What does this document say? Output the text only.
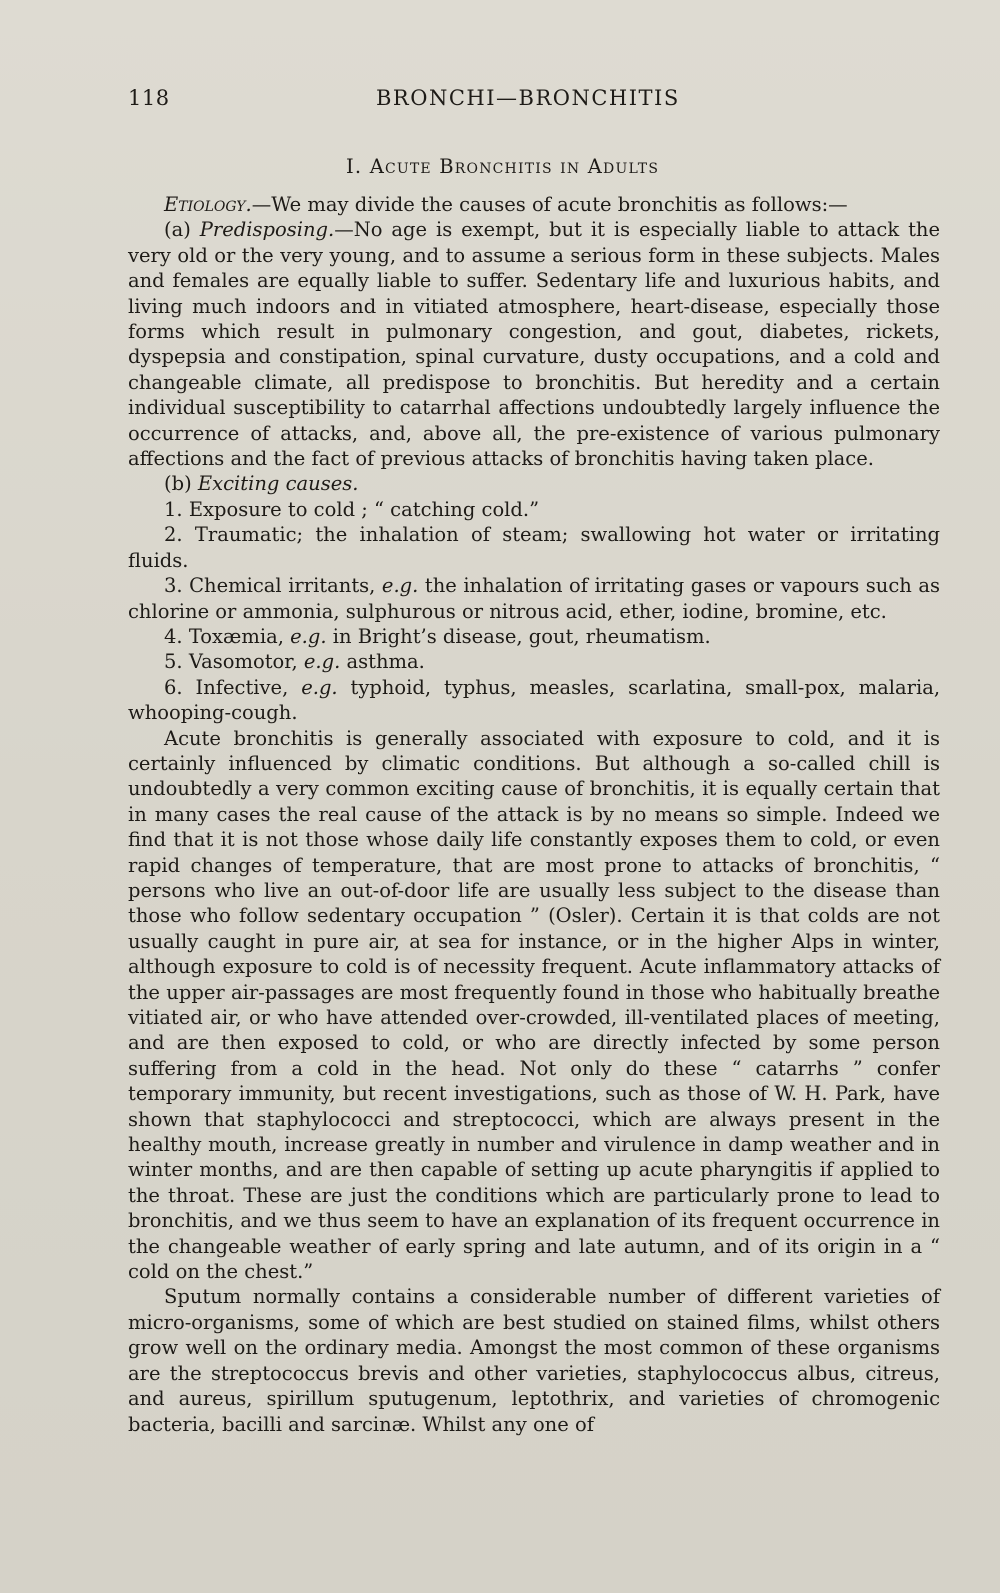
118	BRONCHI—BRONCHITIS
I. Acute Bronchitis in Adults

Etiology.—We may divide the causes of acute bronchitis as follows:—

(a) Predisposing.—No age is exempt, but it is especially liable to attack the very old or the very young, and to assume a serious form in these subjects. Males and females are equally liable to suffer. Sedentary life and luxurious habits, and living much indoors and in vitiated atmosphere, heart-disease, especially those forms which result in pulmonary congestion, and gout, diabetes, rickets, dyspepsia and constipation, spinal curvature, dusty occupations, and a cold and changeable climate, all predispose to bronchitis. But heredity and a certain individual susceptibility to catarrhal affections undoubtedly largely influence the occurrence of attacks, and, above all, the pre-existence of various pulmonary affections and the fact of previous attacks of bronchitis having taken place.

(b) Exciting causes.

1. Exposure to cold ; “ catching cold.”

2. Traumatic; the inhalation of steam; swallowing hot water or irritating fluids.

3. Chemical irritants, e.g. the inhalation of irritating gases or vapours such as chlorine or ammonia, sulphurous or nitrous acid, ether, iodine, bromine, etc.

4. Toxæmia, e.g. in Bright’s disease, gout, rheumatism.

5. Vasomotor, e.g. asthma.

6. Infective, e.g. typhoid, typhus, measles, scarlatina, small-pox, malaria, whooping-cough.

Acute bronchitis is generally associated with exposure to cold, and it is certainly influenced by climatic conditions. But although a so-called chill is undoubtedly a very common exciting cause of bronchitis, it is equally certain that in many cases the real cause of the attack is by no means so simple. Indeed we find that it is not those whose daily life constantly exposes them to cold, or even rapid changes of temperature, that are most prone to attacks of bronchitis, “ persons who live an out-of-door life are usually less subject to the disease than those who follow sedentary occupation ” (Osler). Certain it is that colds are not usually caught in pure air, at sea for instance, or in the higher Alps in winter, although exposure to cold is of necessity frequent. Acute inflammatory attacks of the upper air-passages are most frequently found in those who habitually breathe vitiated air, or who have attended over-crowded, ill-ventilated places of meeting, and are then exposed to cold, or who are directly infected by some person suffering from a cold in the head. Not only do these “ catarrhs ” confer temporary immunity, but recent investigations, such as those of W. H. Park, have shown that staphylococci and streptococci, which are always present in the healthy mouth, increase greatly in number and virulence in damp weather and in winter months, and are then capable of setting up acute pharyngitis if applied to the throat. These are just the conditions which are particularly prone to lead to bronchitis, and we thus seem to have an explanation of its frequent occurrence in the changeable weather of early spring and late autumn, and of its origin in a “ cold on the chest.”

Sputum normally contains a considerable number of different varieties of micro-organisms, some of which are best studied on stained films, whilst others grow well on the ordinary media. Amongst the most common of these organisms are the streptococcus brevis and other varieties, staphylococcus albus, citreus, and aureus, spirillum sputugenum, leptothrix, and varieties of chromogenic bacteria, bacilli and sarcinæ. Whilst any one of
